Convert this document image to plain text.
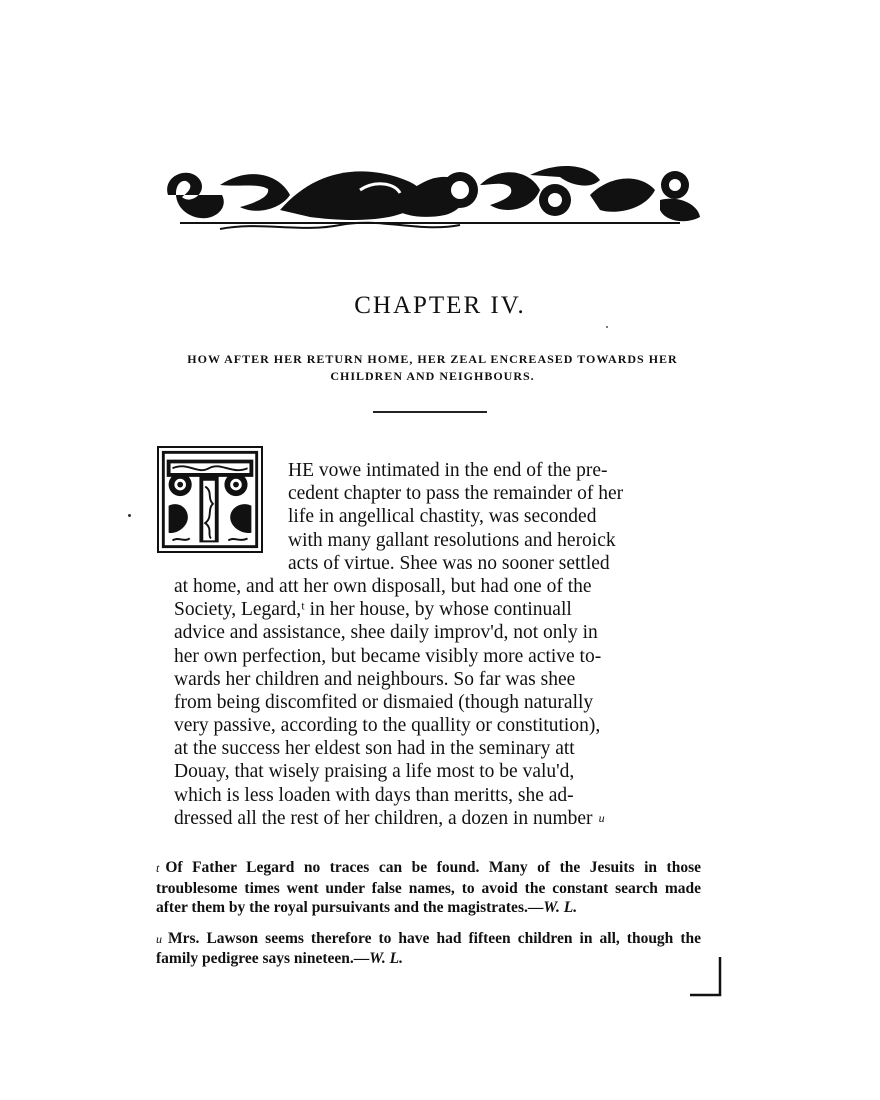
CHAPTER IV.
HOW AFTER HER RETURN HOME, HER ZEAL ENCREASED TOWARDS HER
CHILDREN AND NEIGHBOURS.
HE vowe intimated in the end of the pre-
cedent chapter to pass the remainder of her
life in angellical chastity, was seconded
with many gallant resolutions and heroick
acts of virtue. Shee was no sooner settled
at home, and att her own disposall, but had one of the
Society, Legard,ᵗ in her house, by whose continuall
advice and assistance, shee daily improv'd, not only in
her own perfection, but became visibly more active to-
wards her children and neighbours. So far was shee
from being discomfited or dismaied (though naturally
very passive, according to the quallity or constitution),
at the success her eldest son had in the seminary att
Douay, that wisely praising a life most to be valu'd,
which is less loaden with days than meritts, she ad-
dressed all the rest of her children, a dozen in number u
t Of Father Legard no traces can be found. Many of the Jesuits in those troublesome times went under false names, to avoid the constant search made after them by the royal pursuivants and the magistrates.—W. L.
u Mrs. Lawson seems therefore to have had fifteen children in all, though the family pedigree says nineteen.—W. L.
